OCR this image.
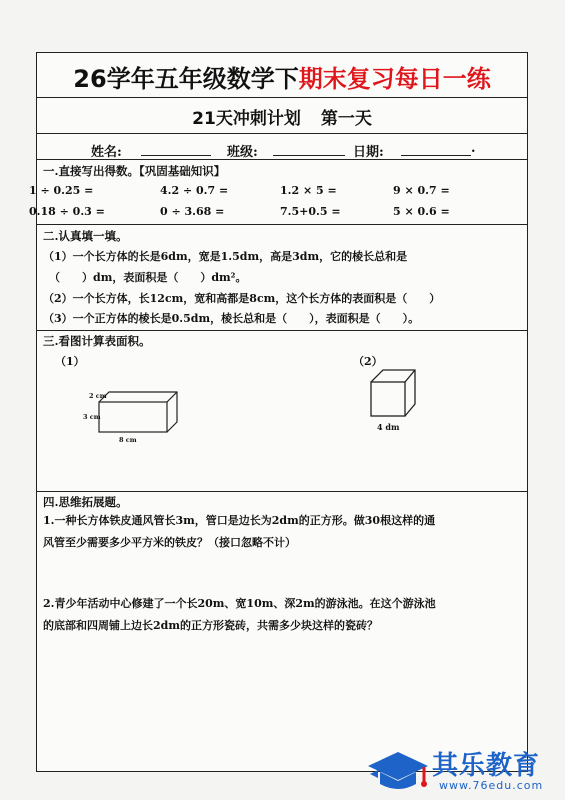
26学年五年级数学下期末复习每日一练
21天冲刺计划 第一天
姓名:	班级:	日期:	.
一.直接写出得数。【巩固基础知识】
1 ÷ 0.25 =	4.2 ÷ 0.7 =	1.2 × 5 =	9 × 0.7 =
0.18 ÷ 0.3 =	0 ÷ 3.68 =	7.5+0.5 =	5 × 0.6 =
二.认真填一填。
（1）一个长方体的长是6dm，宽是1.5dm，高是3dm，它的棱长总和是
（　　）dm，表面积是（　　）dm²。
（2）一个长方体，长12cm，宽和高都是8cm，这个长方体的表面积是（　　）
（3）一个正方体的棱长是0.5dm，棱长总和是（　　），表面积是（　　）。
三.看图计算表面积。
（1）	（2）
2 cm
3 cm
8 cm
4 dm
四.思维拓展题。
1.一种长方体铁皮通风管长3m，管口是边长为2dm的正方形。做30根这样的通
风管至少需要多少平方米的铁皮？（接口忽略不计）
2.青少年活动中心修建了一个长20m、宽10m、深2m的游泳池。在这个游泳池
的底部和四周铺上边长2dm的正方形瓷砖，共需多少块这样的瓷砖？
其乐教育
www.76edu.com
